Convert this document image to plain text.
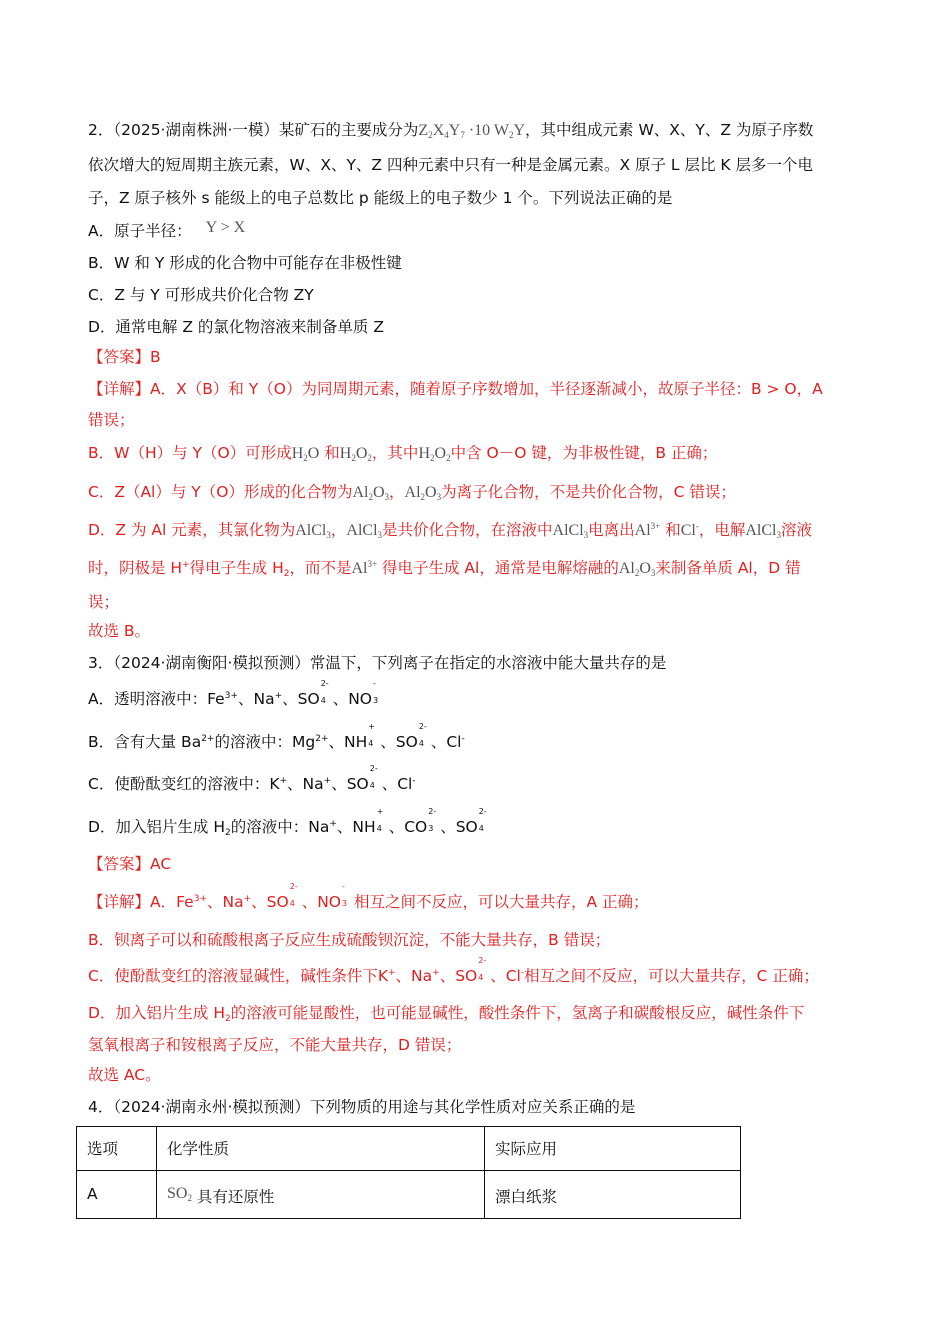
2．（2025·湖南株洲·一模）某矿石的主要成分为$Z_2X_4Y_7 \cdot 10$ $W_2Y$，其中组成元素 W、X、Y、Z 为原子序数
依次增大的短周期主族元素，W、X、Y、Z 四种元素中只有一种是金属元素。X 原子 L 层比 K 层多一个电
子，Z 原子核外 s 能级上的电子总数比 p 能级上的电子数少 1 个。下列说法正确的是
A．原子半径： Y > X
B．W 和 Y 形成的化合物中可能存在非极性键
C．Z 与 Y 可形成共价化合物 ZY
D．通常电解 Z 的氯化物溶液来制备单质 Z
【答案】B
【详解】A．X（B）和 Y（O）为同周期元素，随着原子序数增加，半径逐渐减小，故原子半径：B > O，A
错误；
B．W（H）与 Y（O）可形成$H_2O$ 和$H_2O_2$，其中$H_2O_2$中含 O－O 键，为非极性键，B 正确；
C．Z（Al）与 Y（O）形成的化合物为$Al_2O_3$，$Al_2O_3$为离子化合物，不是共价化合物，C 错误；
D．Z 为 Al 元素，其氯化物为AlCl$_3$，AlCl$_3$是共价化合物，在溶液中AlCl$_3$电离出$Al^{3+}$ 和Cl-，电解AlCl$_3$溶液
时，阴极是 H+得电子生成 $H_2$，而不是$Al^{3+}$ 得电子生成 Al，通常是电解熔融的$Al_2O_3$来制备单质 Al，D 错
误；
故选 B。
3．（2024·湖南衡阳·模拟预测）常温下，下列离子在指定的水溶液中能大量共存的是
A．透明溶液中：$Fe^{3+}$、Na+、SO
2-
4 、NO
-
3
B．含有大量 $Ba^{2+}$的溶液中：$Mg^{2+}$、NH
+
4 、SO
2-
4 、Cl-
C．使酚酞变红的溶液中：K+、Na+、SO
2-
4 、Cl-
D．加入铝片生成 $H_2$的溶液中：Na+、NH
+
4 、CO
2-
3 、SO
2-
4
【答案】AC
【详解】A．$Fe^{3+}$、Na+、SO
2-
4 、NO
-
3 相互之间不反应，可以大量共存，A 正确；
B．钡离子可以和硫酸根离子反应生成硫酸钡沉淀，不能大量共存，B 错误；
C．使酚酞变红的溶液显碱性，碱性条件下K+、Na+、SO
2-
4 、Cl-相互之间不反应，可以大量共存，C 正确；
D．加入铝片生成 $H_2$的溶液可能显酸性，也可能显碱性，酸性条件下，氢离子和碳酸根反应，碱性条件下
氢氧根离子和铵根离子反应，不能大量共存，D 错误；
故选 AC。
4．（2024·湖南永州·模拟预测）下列物质的用途与其化学性质对应关系正确的是
选项	化学性质	实际应用
A	$SO_2$ 具有还原性	漂白纸浆
